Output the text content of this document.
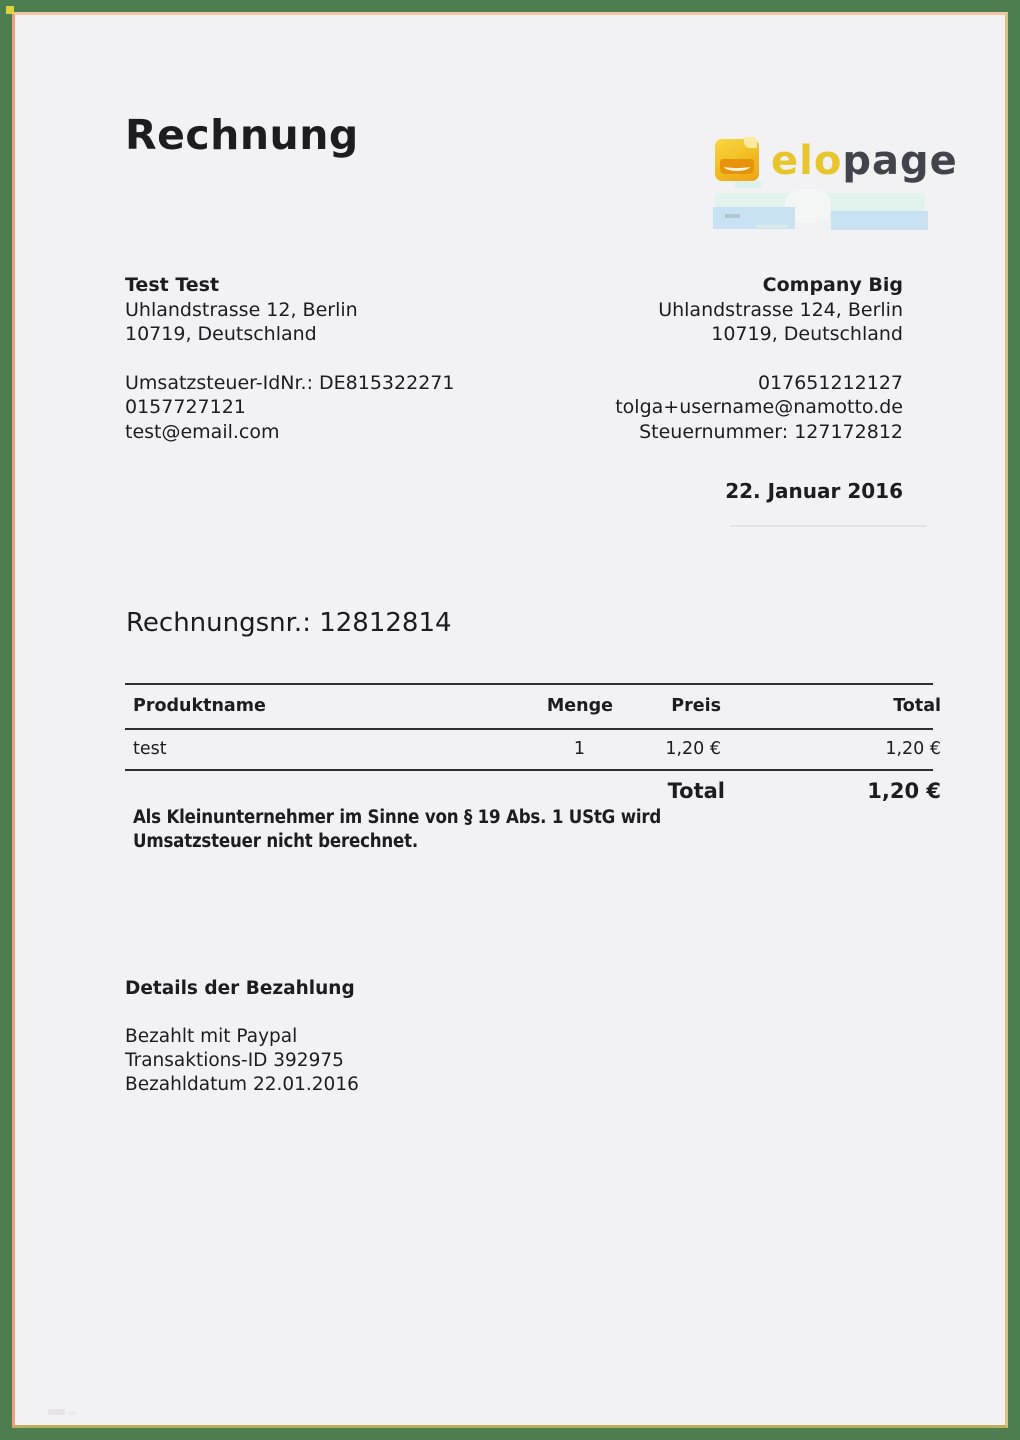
Rechnung
elopage
Test Test
Uhlandstrasse 12, Berlin
10719, Deutschland
Umsatzsteuer-IdNr.: DE815322271
0157727121
test@email.com
Company Big
Uhlandstrasse 124, Berlin
10719, Deutschland
017651212127
tolga+username@namotto.de
Steuernummer: 127172812
22. Januar 2016
Rechnungsnr.: 12812814
Produktname	Menge	Preis	Total
test	1	1,20 €	1,20 €
Total	1,20 €
Als Kleinunternehmer im Sinne von § 19 Abs. 1 UStG wird
Umsatzsteuer nicht berechnet.
Details der Bezahlung
Bezahlt mit Paypal
Transaktions-ID 392975
Bezahldatum 22.01.2016
